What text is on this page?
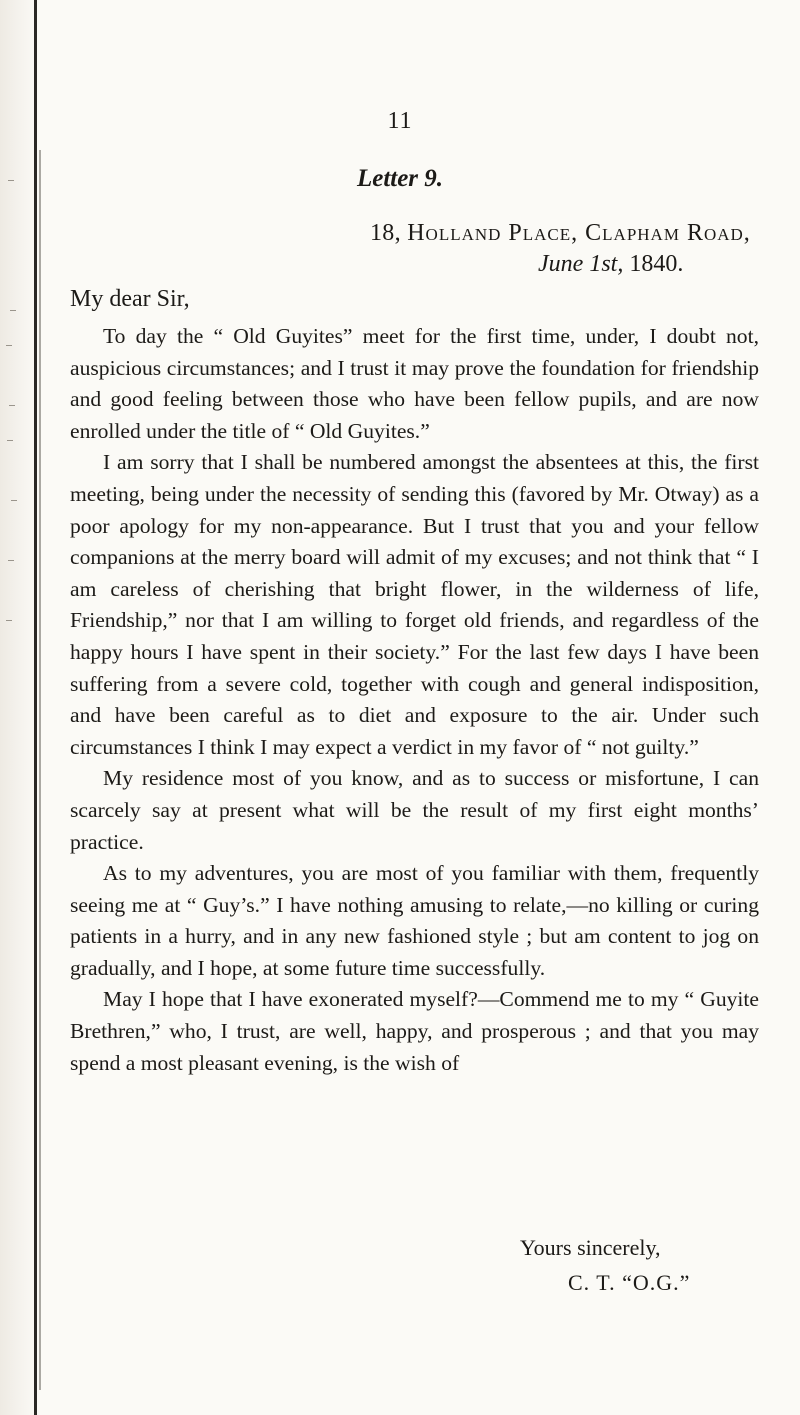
11
Letter 9.
18, Holland Place, Clapham Road,
June 1st, 1840.
My dear Sir,

To day the “ Old Guyites” meet for the first time, under, I doubt not, auspicious circumstances; and I trust it may prove the foundation for friendship and good feeling between those who have been fellow pupils, and are now enrolled under the title of “ Old Guyites.”

I am sorry that I shall be numbered amongst the absentees at this, the first meeting, being under the necessity of sending this (favored by Mr. Otway) as a poor apology for my non-appearance. But I trust that you and your fellow companions at the merry board will admit of my excuses; and not think that “ I am careless of cherishing that bright flower, in the wilderness of life, Friendship,” nor that I am willing to forget old friends, and regardless of the happy hours I have spent in their society.” For the last few days I have been suffering from a severe cold, together with cough and general indisposition, and have been careful as to diet and exposure to the air. Under such circumstances I think I may expect a verdict in my favor of “ not guilty.”

My residence most of you know, and as to success or misfortune, I can scarcely say at present what will be the result of my first eight months’ practice.

As to my adventures, you are most of you familiar with them, frequently seeing me at “ Guy’s.” I have nothing amusing to relate,—no killing or curing patients in a hurry, and in any new fashioned style ; but am content to jog on gradually, and I hope, at some future time successfully.

May I hope that I have exonerated myself?—Commend me to my “ Guyite Brethren,” who, I trust, are well, happy, and prosperous ; and that you may spend a most pleasant evening, is the wish of

Yours sincerely,
C. T. “O.G.”
